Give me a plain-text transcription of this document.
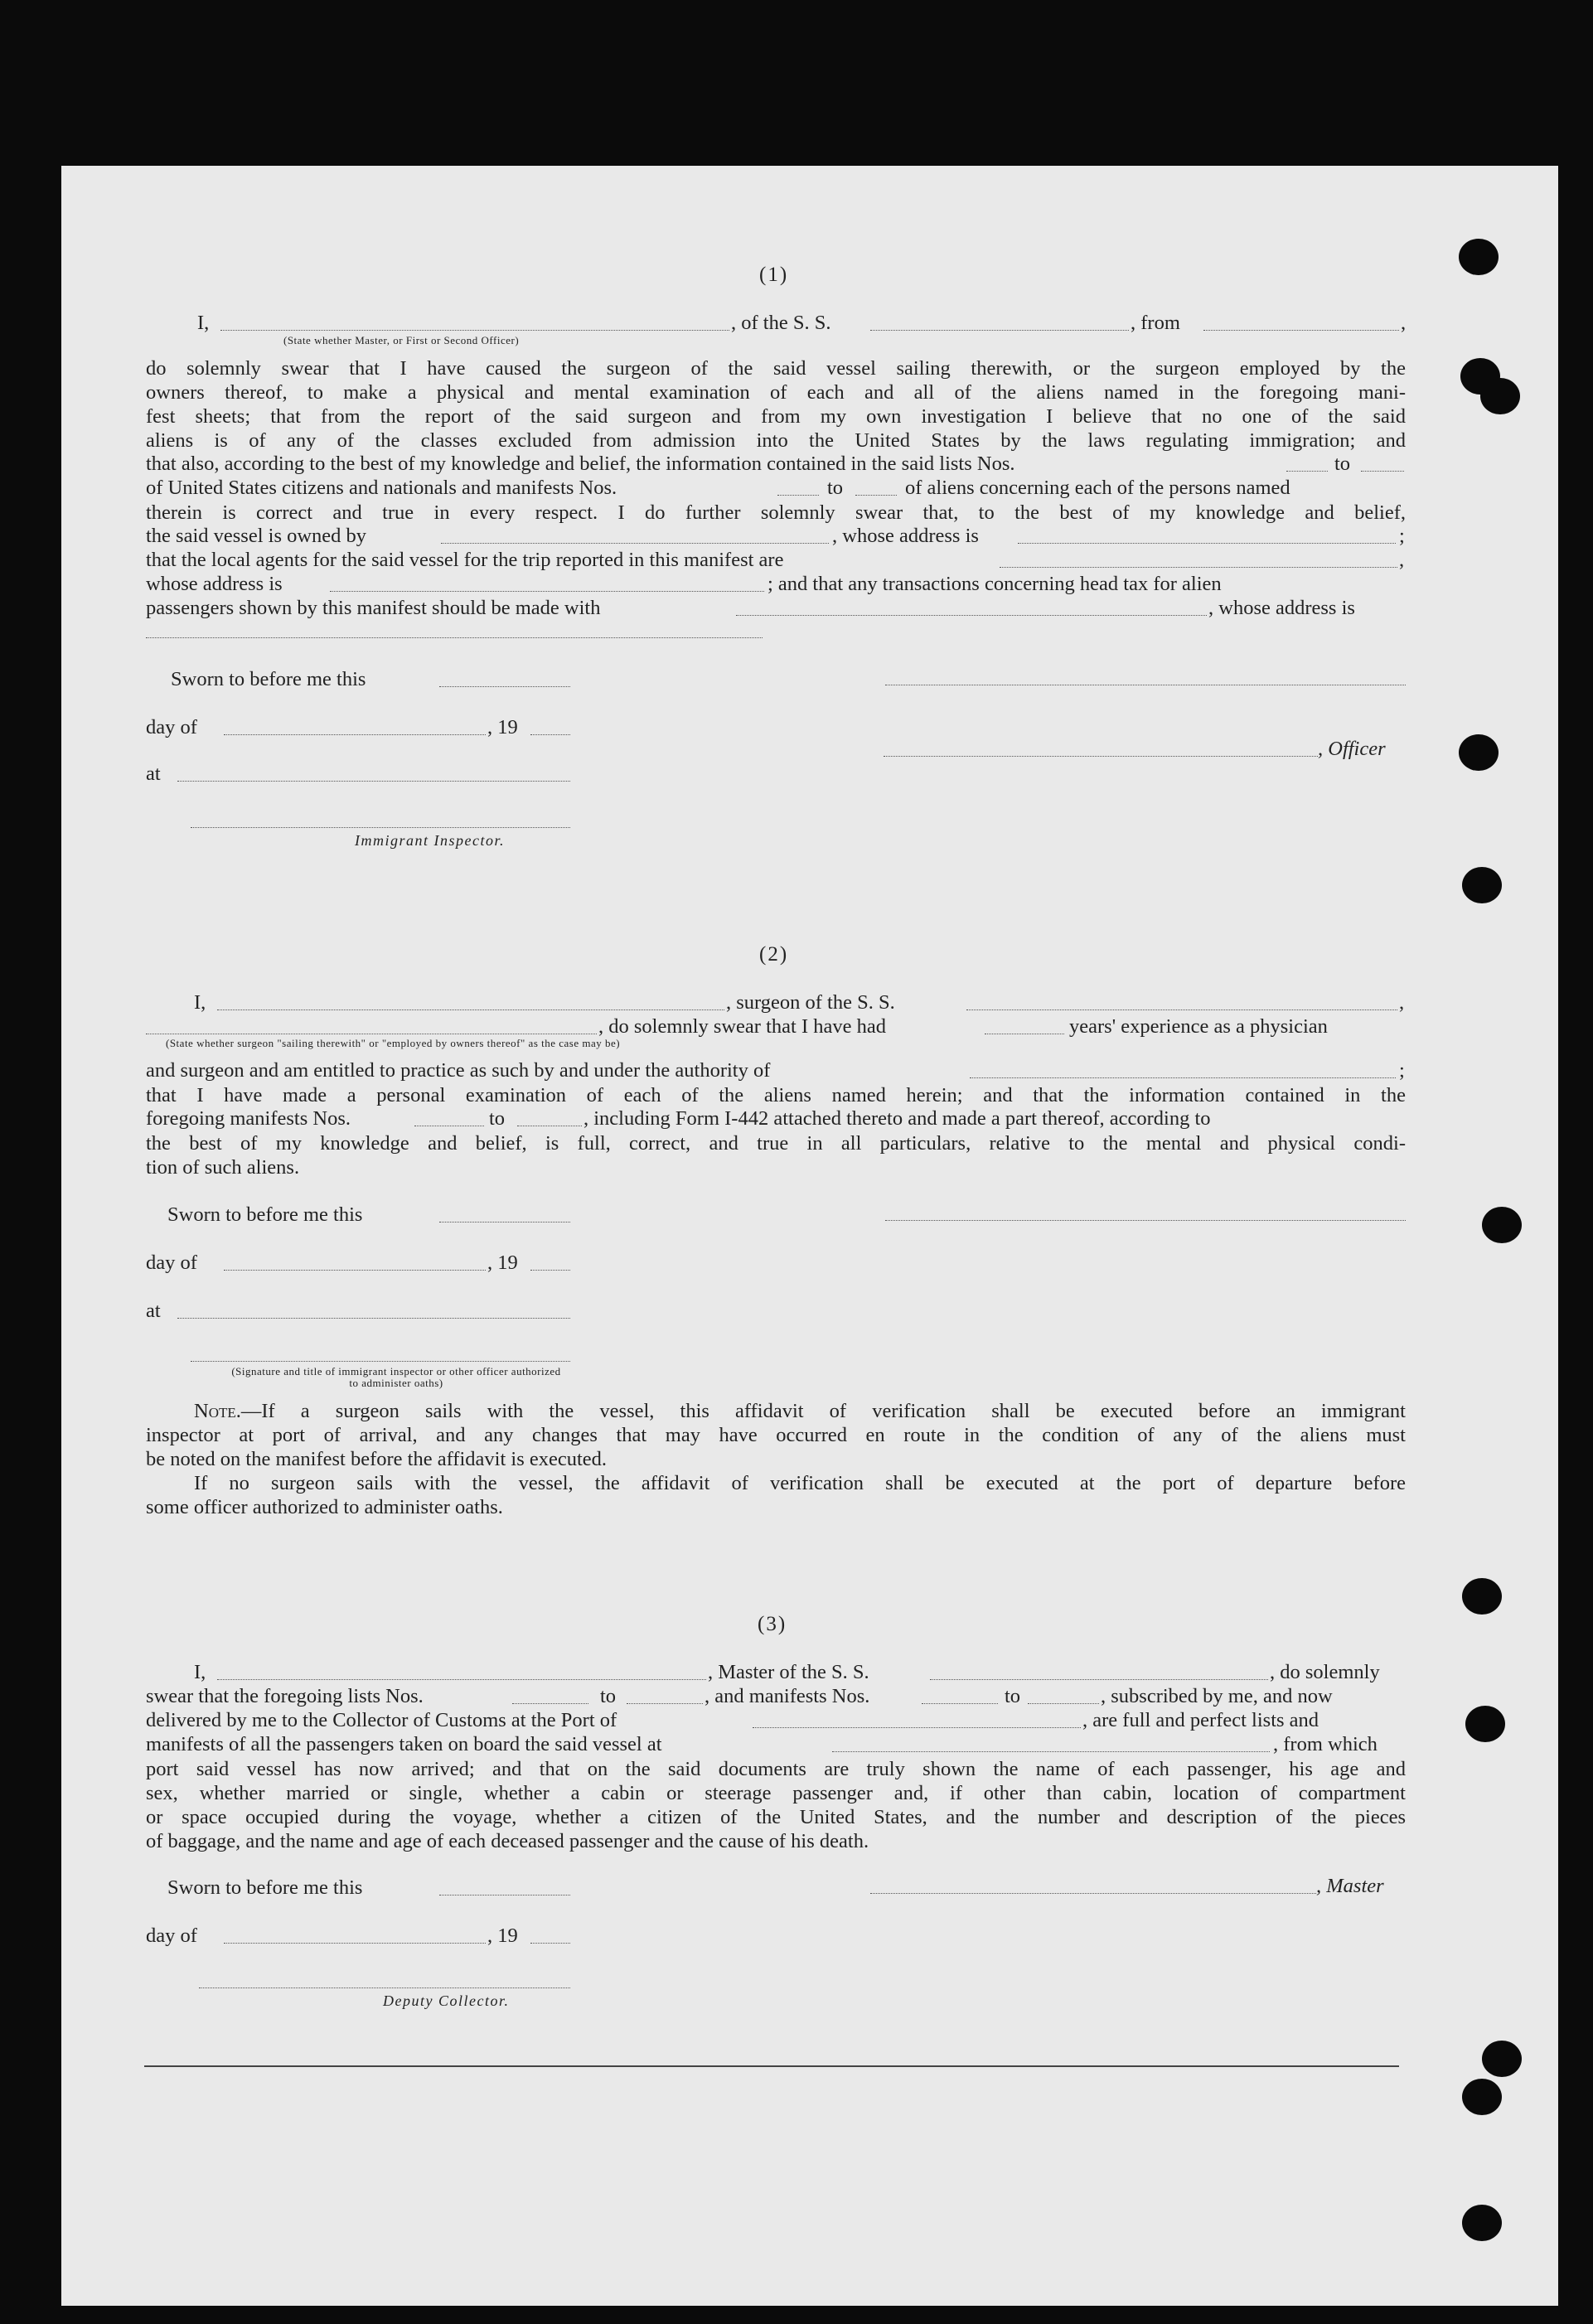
(1)
I,	, of the S. S.	, from	,
(State whether Master, or First or Second Officer)

do solemnly swear that I have caused the surgeon of the said vessel sailing therewith, or the surgeon employed by the

owners thereof, to make a physical and mental examination of each and all of the aliens named in the foregoing mani-

fest sheets; that from the report of the said surgeon and from my own investigation I believe that no one of the said

aliens is of any of the classes excluded from admission into the United States by the laws regulating immigration; and

that also, according to the best of my knowledge and belief, the information contained in the said lists Nos.	to
of United States citizens and nationals and manifests Nos.	to	of aliens concerning each of the persons named

therein is correct and true in every respect. I do further solemnly swear that, to the best of my knowledge and belief,

the said vessel is owned by	, whose address is	;
that the local agents for the said vessel for the trip reported in this manifest are	,
whose address is	; and that any transactions concerning head tax for alien
passengers shown by this manifest should be made with	, whose address is
Sworn to before me this
day of	, 19
, Officer
at
Immigrant Inspector.
(2)
I,	, surgeon of the S. S.	,
, do solemnly swear that I have had	years' experience as a physician
(State whether surgeon "sailing therewith" or "employed by owners thereof" as the case may be)
and surgeon and am entitled to practice as such by and under the authority of	;

that I have made a personal examination of each of the aliens named herein; and that the information contained in the

foregoing manifests Nos.	to	, including Form I-442 attached thereto and made a part thereof, according to

the best of my knowledge and belief, is full, correct, and true in all particulars, relative to the mental and physical condi-

tion of such aliens.

Sworn to before me this
day of	, 19
at
(Signature and title of immigrant inspector or other officer authorized to administer oaths)

Note.—If a surgeon sails with the vessel, this affidavit of verification shall be executed before an immigrant

inspector at port of arrival, and any changes that may have occurred en route in the condition of any of the aliens must

be noted on the manifest before the affidavit is executed.

If no surgeon sails with the vessel, the affidavit of verification shall be executed at the port of departure before

some officer authorized to administer oaths.

(3)
I,	, Master of the S. S.	, do solemnly
swear that the foregoing lists Nos.	to	, and manifests Nos.	to	, subscribed by me, and now
delivered by me to the Collector of Customs at the Port of	, are full and perfect lists and
manifests of all the passengers taken on board the said vessel at	, from which

port said vessel has now arrived; and that on the said documents are truly shown the name of each passenger, his age and

sex, whether married or single, whether a cabin or steerage passenger and, if other than cabin, location of compartment

or space occupied during the voyage, whether a citizen of the United States, and the number and description of the pieces

of baggage, and the name and age of each deceased passenger and the cause of his death.

Sworn to before me this	, Master
day of	, 19
Deputy Collector.
